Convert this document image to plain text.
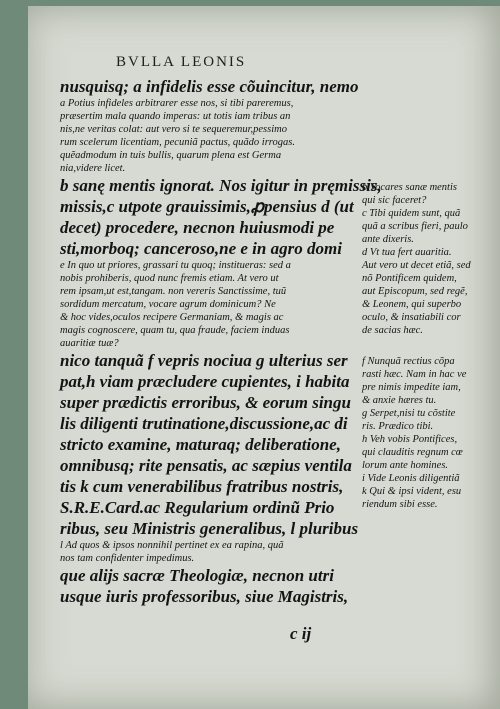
BVLLA LEONIS

nusquisq; a infidelis esse cõuincitur, nemo

a Potius infideles arbitrarer esse nos, si tibi pareremus,

præsertim mala quando imperas: ut totis iam tribus an

nis,ne veritas colat: aut vero si te sequeremur,pessimo

rum scelerum licentiam, pecuniã pactus, quãdo irrogas.

quẽadmodum in tuis bullis, quarum plena est Germa

nia,videre licet.

b sanę mentis ignorat. Nos igitur in pręmissis,

missis,c utpote grauissimis,ꝓpensius d (ut

decet) procedere, necnon huiusmodi pe

sti,morboq; canceroso,ne e in agro domi

e In quo ut priores, grassari tu quoq; institueras: sed a

nobis prohiberis, quod nunc fremis etiam. At vero ut

rem ipsam,ut est,tangam. non vereris Sanctissime, tuũ

sordidum mercatum, vocare agrum dominicum? Ne

& hoc vides,oculos recipere Germaniam, & magis ac

magis cognoscere, quam tu, qua fraude, faciem induas

auaritiæ tuæ?

nico tanquã f vepris nociua g ulterius ser

pat,h viam præcludere cupientes, i habita

super prædictis erroribus, & eorum singu

lis diligenti trutinatione,discussione,ac di

stricto examine, maturaq; deliberatione,

omnibusq; rite pensatis, ac sæpius ventila

tis k cum venerabilibus fratribus nostris,

S.R.E.Card.ac Regularium ordinũ Prio

ribus, seu Ministris generalibus, l pluribus

l Ad quos & ipsos nonnihil pertinet ex ea rapina, quã

nos tam confidenter impedimus.

que alijs sacræ Theologiæ, necnon utri

usque iuris professoribus, siue Magistris,

b Vocares sanæ mentis

qui sic faceret?

c Tibi quidem sunt, quã

quã a scribus fieri, paulo

ante dixeris.

d Vt tua fert auaritia.

Aut vero ut decet etiã, sed

nõ Pontificem quidem,

aut Episcopum, sed regẽ,

& Leonem, qui superbo

oculo, & insatiabili cor

de sacias hæc.

f Nunquã rectius cõpa

rasti hæc. Nam in hac ve

pre nimis impedite iam,

& anxie hæres tu.

g Serpet,nisi tu cõstite

ris. Prædico tibi.

h Veh vobis Pontifices,

qui clauditis regnum cœ

lorum ante homines.

i Vide Leonis diligentiã

k Qui & ipsi vident, esu

riendum sibi esse.

c ij
